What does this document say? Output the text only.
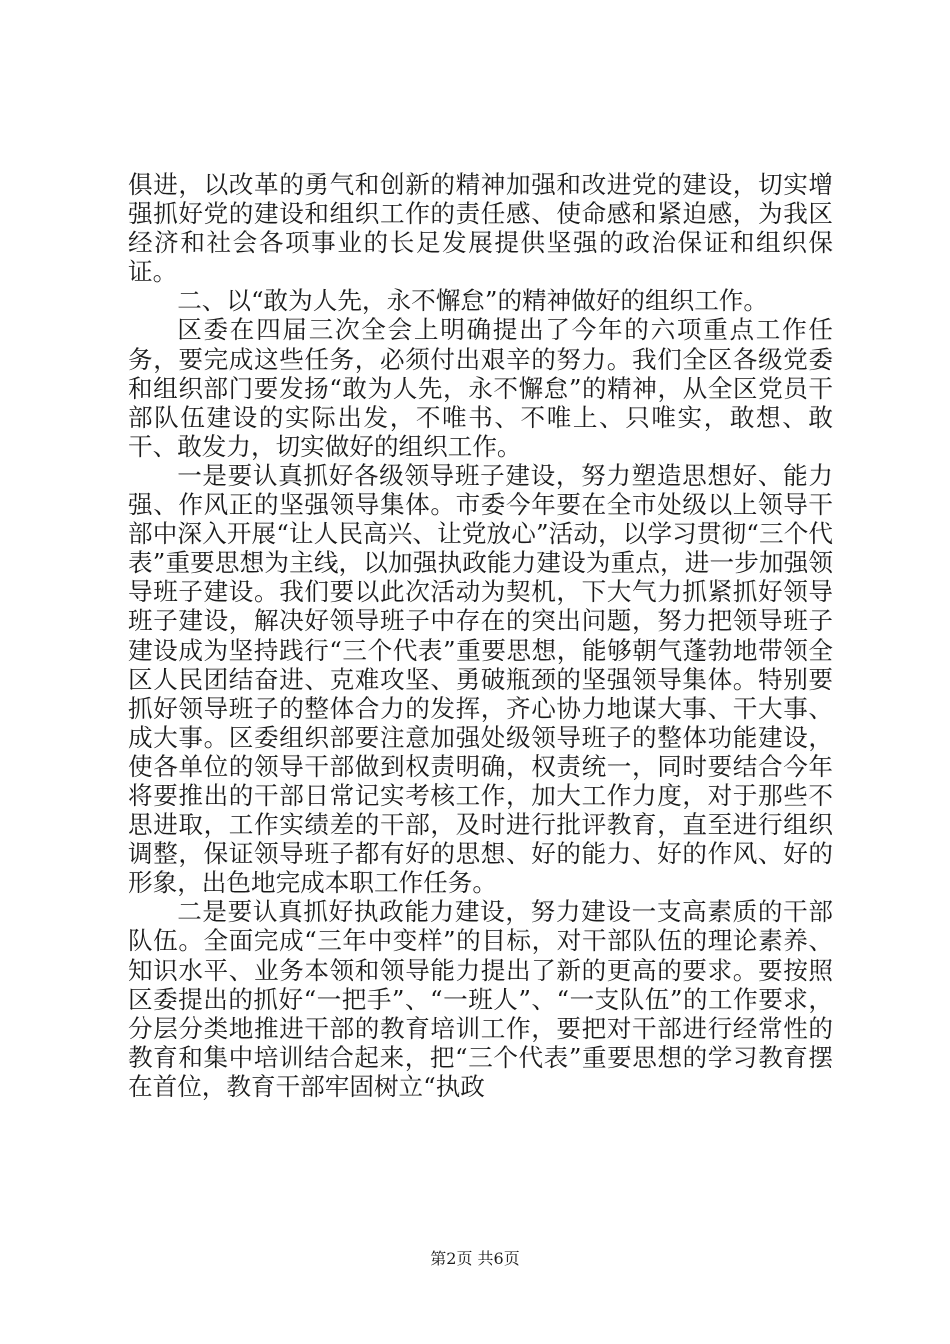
俱进，以改革的勇气和创新的精神加强和改进党的建设，切实增强抓好党的建设和组织工作的责任感、使命感和紧迫感，为我区经济和社会各项事业的长足发展提供坚强的政治保证和组织保证。

二、以“敢为人先，永不懈怠”的精神做好的组织工作。

区委在四届三次全会上明确提出了今年的六项重点工作任务，要完成这些任务，必须付出艰辛的努力。我们全区各级党委和组织部门要发扬“敢为人先，永不懈怠”的精神，从全区党员干部队伍建设的实际出发，不唯书、不唯上、只唯实，敢想、敢干、敢发力，切实做好的组织工作。

一是要认真抓好各级领导班子建设，努力塑造思想好、能力强、作风正的坚强领导集体。市委今年要在全市处级以上领导干部中深入开展“让人民高兴、让党放心”活动，以学习贯彻“三个代表”重要思想为主线，以加强执政能力建设为重点，进一步加强领导班子建设。我们要以此次活动为契机，下大气力抓紧抓好领导班子建设，解决好领导班子中存在的突出问题，努力把领导班子建设成为坚持践行“三个代表”重要思想，能够朝气蓬勃地带领全区人民团结奋进、克难攻坚、勇破瓶颈的坚强领导集体。特别要抓好领导班子的整体合力的发挥，齐心协力地谋大事、干大事、成大事。区委组织部要注意加强处级领导班子的整体功能建设，使各单位的领导干部做到权责明确，权责统一，同时要结合今年将要推出的干部日常记实考核工作，加大工作力度，对于那些不思进取，工作实绩差的干部，及时进行批评教育，直至进行组织调整，保证领导班子都有好的思想、好的能力、好的作风、好的形象，出色地完成本职工作任务。

二是要认真抓好执政能力建设，努力建设一支高素质的干部队伍。全面完成“三年中变样”的目标，对干部队伍的理论素养、知识水平、业务本领和领导能力提出了新的更高的要求。要按照区委提出的抓好“一把手”、“一班人”、“一支队伍”的工作要求，分层分类地推进干部的教育培训工作，要把对干部进行经常性的教育和集中培训结合起来，把“三个代表”重要思想的学习教育摆在首位，教育干部牢固树立“执政

第2页 共6页
